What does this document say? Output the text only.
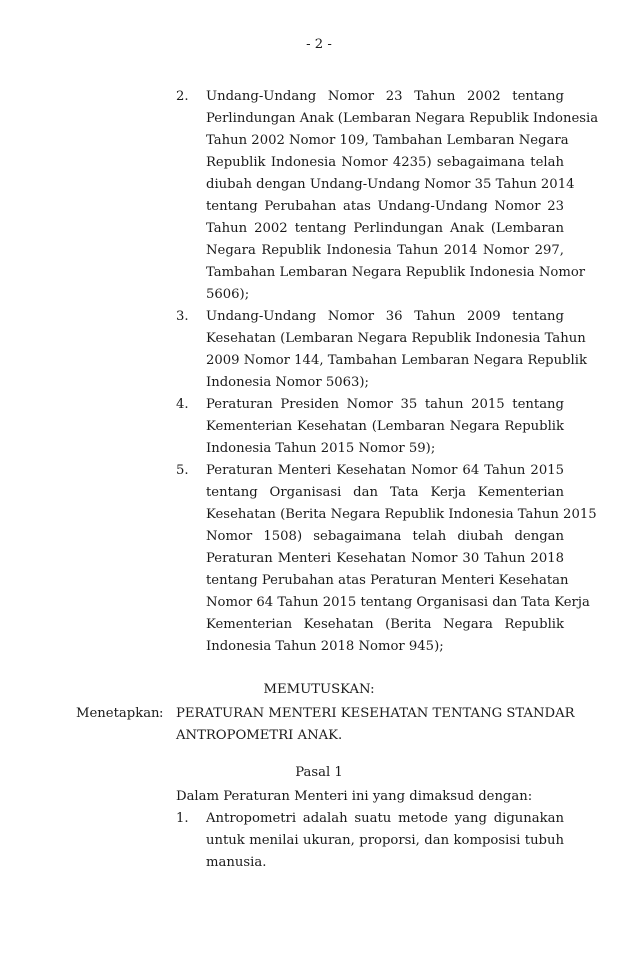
- 2 -
2.	Undang-Undang Nomor 23 Tahun 2002 tentang
Perlindungan Anak (Lembaran Negara Republik Indonesia
Tahun 2002 Nomor 109, Tambahan Lembaran Negara
Republik Indonesia Nomor 4235) sebagaimana telah
diubah dengan Undang-Undang Nomor 35 Tahun 2014
tentang Perubahan atas Undang-Undang Nomor 23
Tahun 2002 tentang Perlindungan Anak (Lembaran
Negara Republik Indonesia Tahun 2014 Nomor 297,
Tambahan Lembaran Negara Republik Indonesia Nomor
5606);
3.	Undang-Undang Nomor 36 Tahun 2009 tentang
Kesehatan (Lembaran Negara Republik Indonesia Tahun
2009 Nomor 144, Tambahan Lembaran Negara Republik
Indonesia Nomor 5063);
4.	Peraturan Presiden Nomor 35 tahun 2015 tentang
Kementerian Kesehatan (Lembaran Negara Republik
Indonesia Tahun 2015 Nomor 59);
5.	Peraturan Menteri Kesehatan Nomor 64 Tahun 2015
tentang Organisasi dan Tata Kerja Kementerian
Kesehatan (Berita Negara Republik Indonesia Tahun 2015
Nomor 1508) sebagaimana telah diubah dengan
Peraturan Menteri Kesehatan Nomor 30 Tahun 2018
tentang Perubahan atas Peraturan Menteri Kesehatan
Nomor 64 Tahun 2015 tentang Organisasi dan Tata Kerja
Kementerian Kesehatan (Berita Negara Republik
Indonesia Tahun 2018 Nomor 945);
MEMUTUSKAN:
Menetapkan : PERATURAN MENTERI KESEHATAN TENTANG STANDAR
ANTROPOMETRI ANAK.
Pasal 1
Dalam Peraturan Menteri ini yang dimaksud dengan:
1.	Antropometri adalah suatu metode yang digunakan
untuk menilai ukuran, proporsi, dan komposisi tubuh
manusia.
